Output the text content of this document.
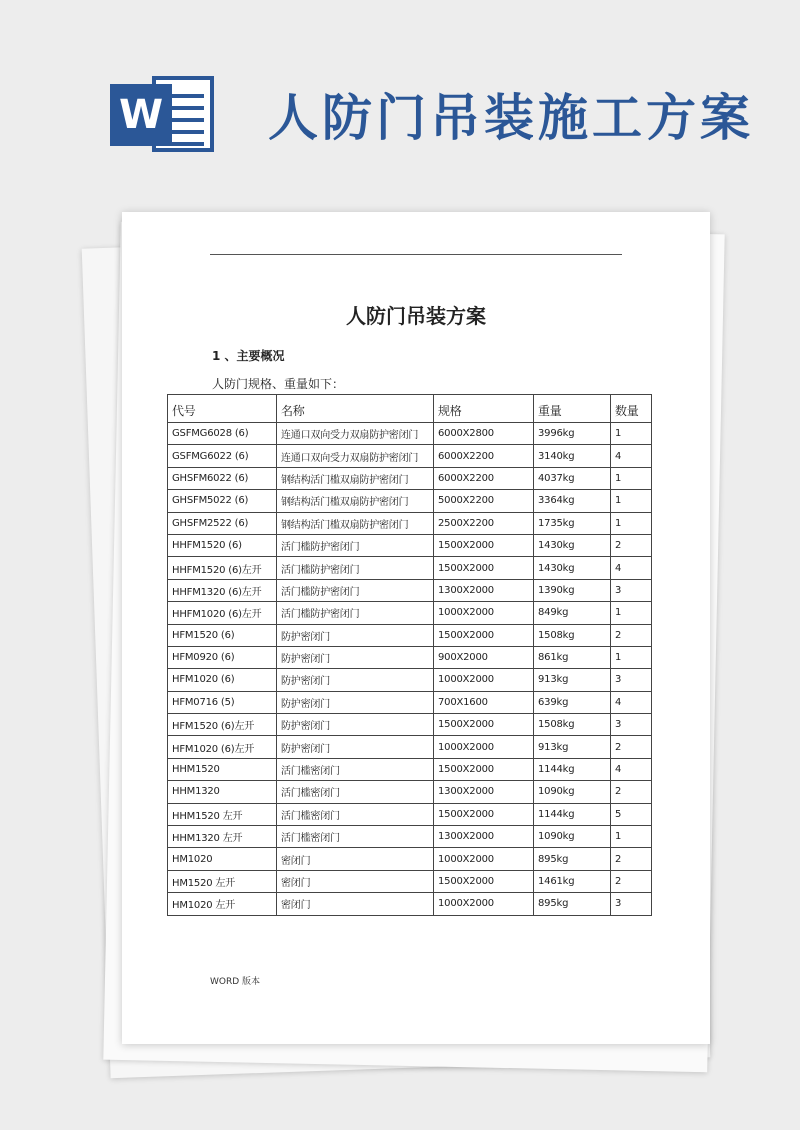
W 人防门吊装施工方案
人防门吊装方案
1 、主要概况
人防门规格、重量如下：
代号	名称	规格	重量	数量
GSFMG6028 (6)	连通口双向受力双扇防护密闭门	6000X2800	3996kg	1
GSFMG6022 (6)	连通口双向受力双扇防护密闭门	6000X2200	3140kg	4
GHSFM6022 (6)	钢结构活门槛双扇防护密闭门	6000X2200	4037kg	1
GHSFM5022 (6)	钢结构活门槛双扇防护密闭门	5000X2200	3364kg	1
GHSFM2522 (6)	钢结构活门槛双扇防护密闭门	2500X2200	1735kg	1
HHFM1520 (6)	活门槛防护密闭门	1500X2000	1430kg	2
HHFM1520 (6)左开	活门槛防护密闭门	1500X2000	1430kg	4
HHFM1320 (6)左开	活门槛防护密闭门	1300X2000	1390kg	3
HHFM1020 (6)左开	活门槛防护密闭门	1000X2000	849kg	1
HFM1520 (6)	防护密闭门	1500X2000	1508kg	2
HFM0920 (6)	防护密闭门	900X2000	861kg	1
HFM1020 (6)	防护密闭门	1000X2000	913kg	3
HFM0716 (5)	防护密闭门	700X1600	639kg	4
HFM1520 (6)左开	防护密闭门	1500X2000	1508kg	3
HFM1020 (6)左开	防护密闭门	1000X2000	913kg	2
HHM1520	活门槛密闭门	1500X2000	1144kg	4
HHM1320	活门槛密闭门	1300X2000	1090kg	2
HHM1520 左开	活门槛密闭门	1500X2000	1144kg	5
HHM1320 左开	活门槛密闭门	1300X2000	1090kg	1
HM1020	密闭门	1000X2000	895kg	2
HM1520 左开	密闭门	1500X2000	1461kg	2
HM1020 左开	密闭门	1000X2000	895kg	3
WORD 版本
